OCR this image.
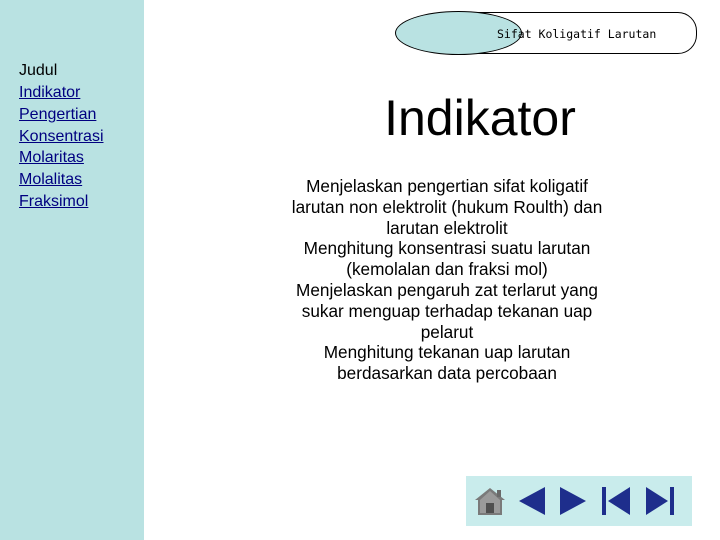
Judul
Indikator
Pengertian
Konsentrasi
Molaritas
Molalitas
Fraksimol
Sifat Koligatif Larutan
Indikator
Menjelaskan pengertian sifat koligatif
larutan non elektrolit (hukum Roulth) dan
larutan elektrolit
Menghitung konsentrasi suatu larutan
(kemolalan dan fraksi mol)
Menjelaskan pengaruh zat terlarut yang
sukar menguap terhadap tekanan uap
pelarut
Menghitung tekanan uap larutan
berdasarkan data percobaan
